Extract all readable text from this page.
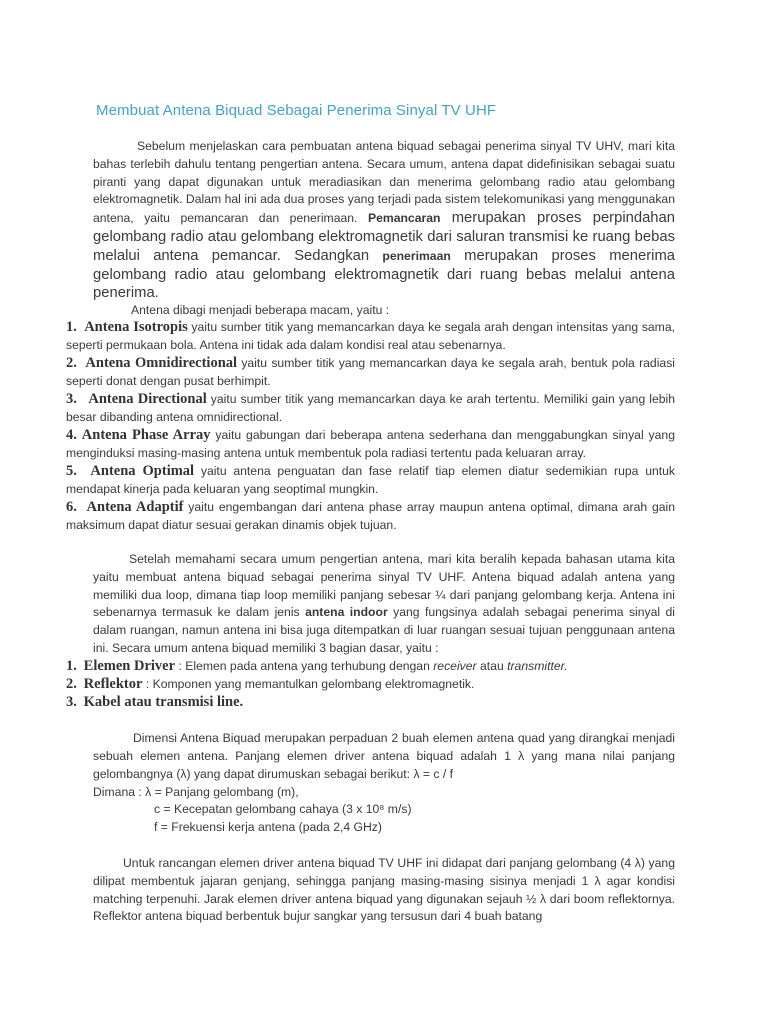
Membuat Antena Biquad Sebagai Penerima Sinyal TV UHF

Sebelum menjelaskan cara pembuatan antena biquad sebagai penerima sinyal TV UHV, mari kita bahas terlebih dahulu tentang pengertian antena. Secara umum, antena dapat didefinisikan sebagai suatu piranti yang dapat digunakan untuk meradiasikan dan menerima gelombang radio atau gelombang elektromagnetik. Dalam hal ini ada dua proses yang terjadi pada sistem telekomunikasi yang menggunakan antena, yaitu pemancaran dan penerimaan. Pemancaran merupakan proses perpindahan gelombang radio atau gelombang elektromagnetik dari saluran transmisi ke ruang bebas melalui antena pemancar. Sedangkan penerimaan merupakan proses menerima gelombang radio atau gelombang elektromagnetik dari ruang bebas melalui antena penerima.

Antena dibagi menjadi beberapa macam, yaitu :
1. Antena Isotropis yaitu sumber titik yang memancarkan daya ke segala arah dengan intensitas yang sama, seperti permukaan bola. Antena ini tidak ada dalam kondisi real atau sebenarnya.
2. Antena Omnidirectional yaitu sumber titik yang memancarkan daya ke segala arah, bentuk pola radiasi seperti donat dengan pusat berhimpit.
3.   Antena Directional yaitu sumber titik yang memancarkan daya ke arah tertentu. Memiliki gain yang lebih besar dibanding antena omnidirectional.
4. Antena Phase Array yaitu gabungan dari beberapa antena sederhana dan menggabungkan sinyal yang menginduksi masing-masing antena untuk membentuk pola radiasi tertentu pada keluaran array.
5. Antena Optimal yaitu antena penguatan dan fase relatif tiap elemen diatur sedemikian rupa untuk mendapat kinerja pada keluaran yang seoptimal mungkin.
6. Antena Adaptif yaitu engembangan dari antena phase array maupun antena optimal, dimana arah gain maksimum dapat diatur sesuai gerakan dinamis objek tujuan.

Setelah memahami secara umum pengertian antena, mari kita beralih kepada bahasan utama kita yaitu membuat antena biquad sebagai penerima sinyal TV UHF. Antena biquad adalah antena yang memiliki dua loop, dimana tiap loop memiliki panjang sebesar ¼ dari panjang gelombang kerja. Antena ini sebenarnya termasuk ke dalam jenis antena indoor yang fungsinya adalah sebagai penerima sinyal di dalam ruangan, namun antena ini bisa juga ditempatkan di luar ruangan sesuai tujuan penggunaan antena ini. Secara umum antena biquad memiliki 3 bagian dasar, yaitu :

1. Elemen Driver : Elemen pada antena yang terhubung dengan receiver atau transmitter.
2. Reflektor : Komponen yang memantulkan gelombang elektromagnetik.
3. Kabel atau transmisi line.

Dimensi Antena Biquad merupakan perpaduan 2 buah elemen antena quad yang dirangkai menjadi sebuah elemen antena. Panjang elemen driver antena biquad adalah 1 λ yang mana nilai panjang gelombangnya (λ) yang dapat dirumuskan sebagai berikut: λ = c / f

Dimana : λ = Panjang gelombang (m),
c = Kecepatan gelombang cahaya (3 x 10⁸ m/s)
f = Frekuensi kerja antena (pada 2,4 GHz)

Untuk rancangan elemen driver antena biquad TV UHF ini didapat dari panjang gelombang (4 λ) yang dilipat membentuk jajaran genjang, sehingga panjang masing-masing sisinya menjadi 1 λ agar kondisi matching terpenuhi. Jarak elemen driver antena biquad yang digunakan sejauh ½ λ dari boom reflektornya. Reflektor antena biquad berbentuk bujur sangkar yang tersusun dari 4 buah batang
